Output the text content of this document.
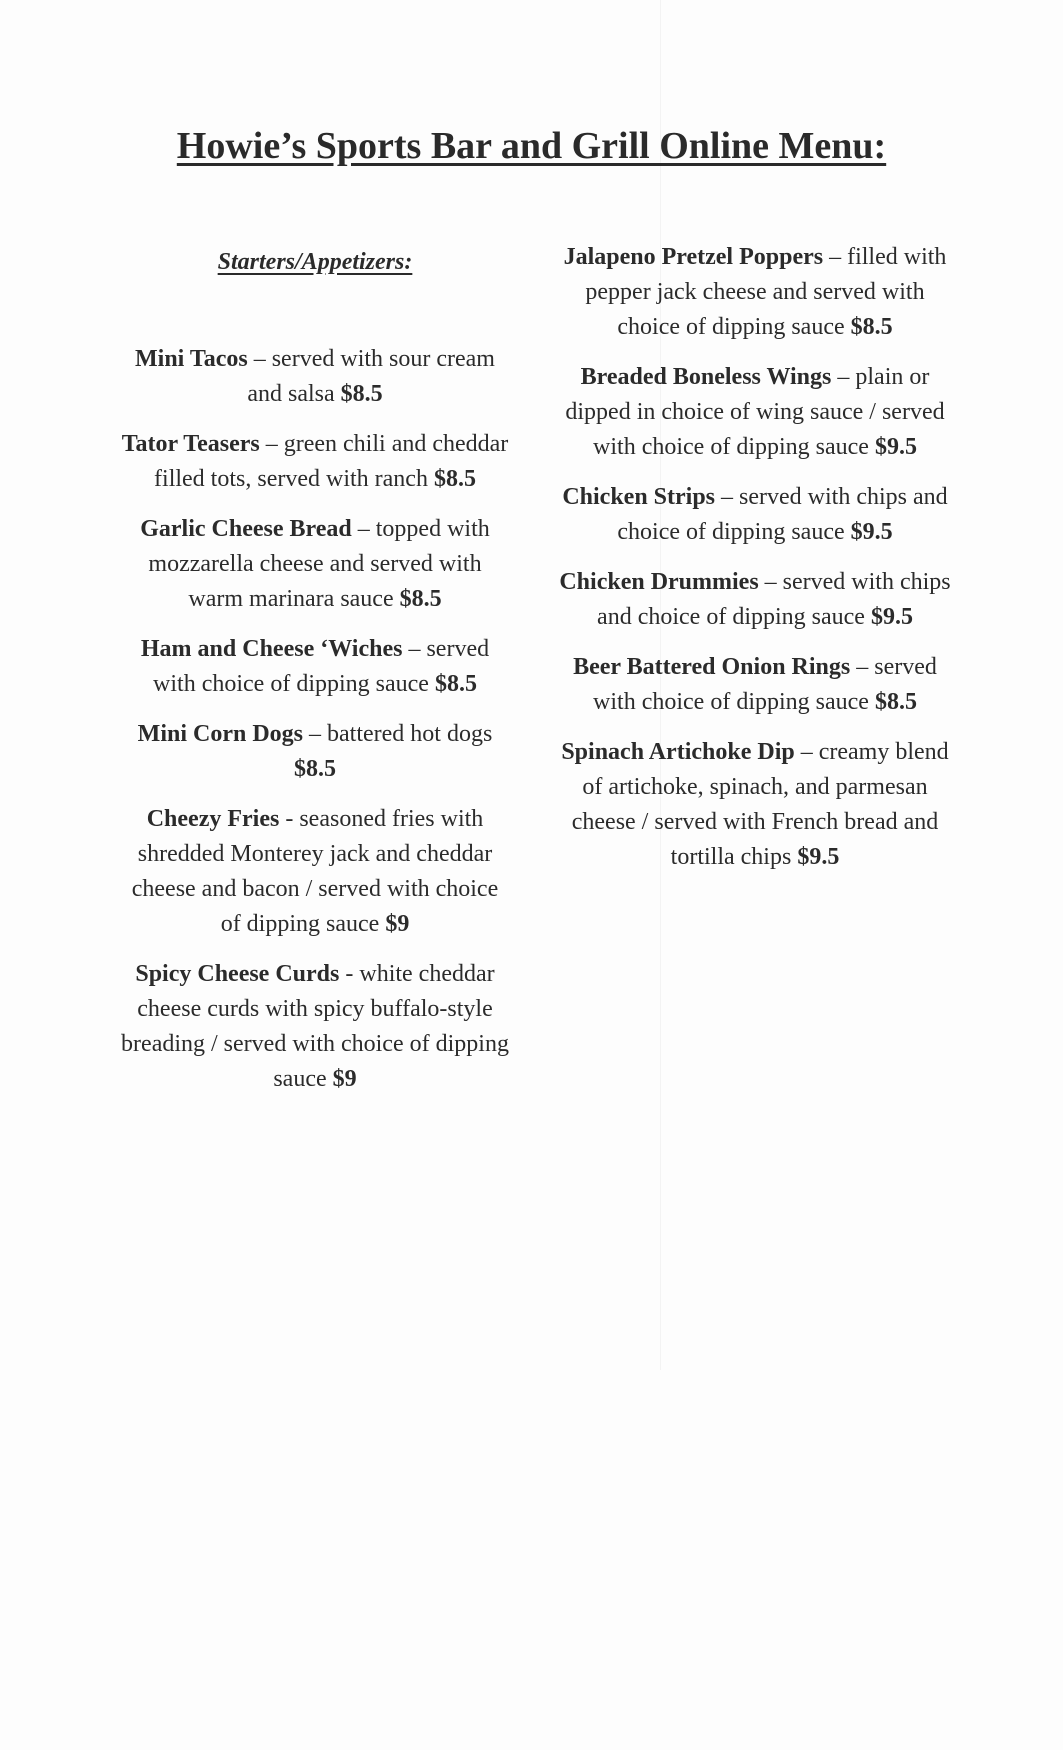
Howie’s Sports Bar and Grill Online Menu:
Starters/Appetizers:
Mini Tacos – served with sour cream and salsa $8.5
Tator Teasers – green chili and cheddar filled tots, served with ranch $8.5
Garlic Cheese Bread – topped with mozzarella cheese and served with warm marinara sauce $8.5
Ham and Cheese ‘Wiches – served with choice of dipping sauce $8.5
Mini Corn Dogs – battered hot dogs $8.5
Cheezy Fries - seasoned fries with shredded Monterey jack and cheddar cheese and bacon / served with choice of dipping sauce $9
Spicy Cheese Curds - white cheddar cheese curds with spicy buffalo-style breading / served with choice of dipping sauce $9
Jalapeno Pretzel Poppers – filled with pepper jack cheese and served with choice of dipping sauce $8.5
Breaded Boneless Wings – plain or dipped in choice of wing sauce / served with choice of dipping sauce $9.5
Chicken Strips – served with chips and choice of dipping sauce $9.5
Chicken Drummies – served with chips and choice of dipping sauce $9.5
Beer Battered Onion Rings – served with choice of dipping sauce $8.5
Spinach Artichoke Dip – creamy blend of artichoke, spinach, and parmesan cheese / served with French bread and tortilla chips $9.5
